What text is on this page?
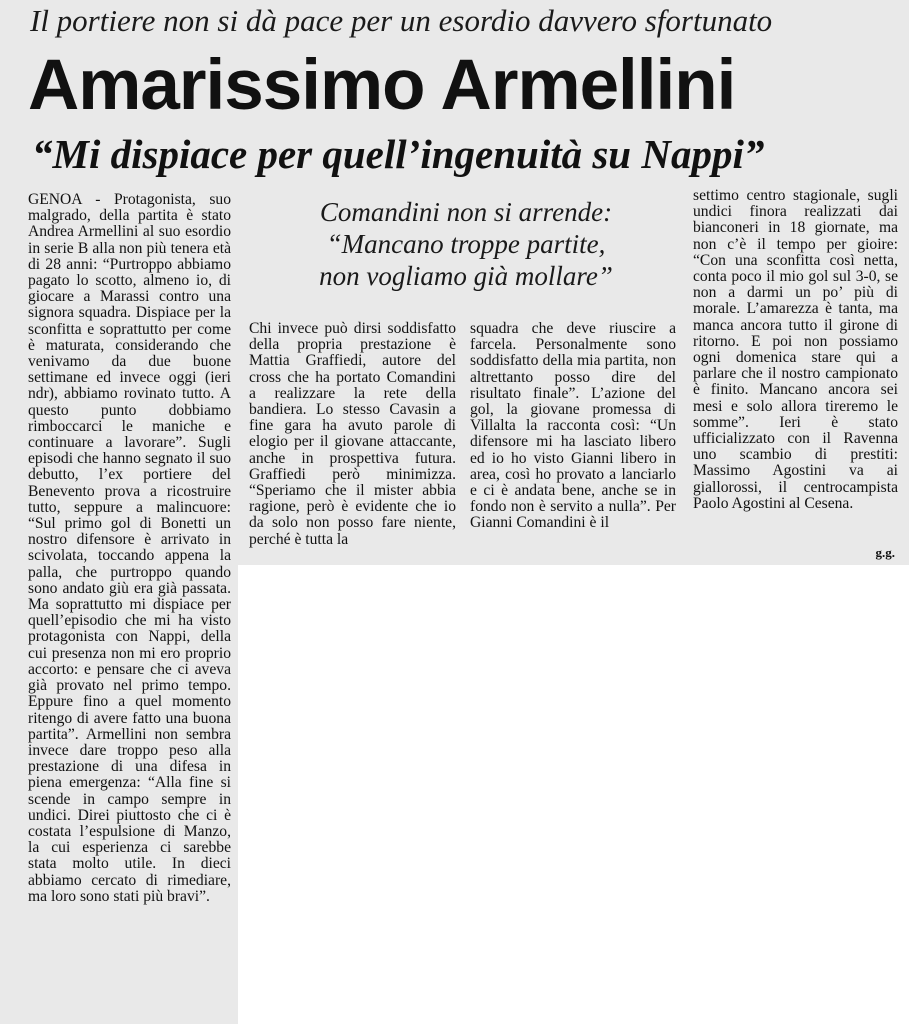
Il portiere non si dà pace per un esordio davvero sfortunato
Amarissimo Armellini
“Mi dispiace per quell’ingenuità su Nappi”

GENOA - Protagonista, suo malgrado, della partita è stato Andrea Armellini al suo esordio in serie B alla non più tenera età di 28 anni: “Purtroppo abbiamo pagato lo scotto, almeno io, di giocare a Marassi contro una signora squadra. Dispiace per la sconfitta e soprattutto per come è maturata, considerando che venivamo da due buone settimane ed invece oggi (ieri ndr), abbiamo rovinato tutto. A questo punto dobbiamo rimboccarci le maniche e continuare a lavorare”. Sugli episodi che hanno segnato il suo debutto, l’ex portiere del Benevento prova a ricostruire tutto, seppure a malincuore: “Sul primo gol di Bonetti un nostro difensore è arrivato in scivolata, toccando appena la palla, che purtroppo quando sono andato giù era già passata. Ma soprattutto mi dispiace per quell’episodio che mi ha visto protagonista con Nappi, della cui presenza non mi ero proprio accorto: e pensare che ci aveva già provato nel primo tempo. Eppure fino a quel momento ritengo di avere fatto una buona partita”. Armellini non sembra invece dare troppo peso alla prestazione di una difesa in piena emergenza: “Alla fine si scende in campo sempre in undici. Direi piuttosto che ci è costata l’espulsione di Manzo, la cui esperienza ci sarebbe stata molto utile. In dieci abbiamo cercato di rimediare, ma loro sono stati più bravi”.

Comandini non si arrende:
“Mancano troppe partite,
non vogliamo già mollare”

Chi invece può dirsi soddisfatto della propria prestazione è Mattia Graffiedi, autore del cross che ha portato Comandini a realizzare la rete della bandiera. Lo stesso Cavasin a fine gara ha avuto parole di elogio per il giovane attaccante, anche in prospettiva futura. Graffiedi però minimizza. “Speriamo che il mister abbia ragione, però è evidente che io da solo non posso fare niente, perché è tutta la

squadra che deve riuscire a farcela. Personalmente sono soddisfatto della mia partita, non altrettanto posso dire del risultato finale”. L’azione del gol, la giovane promessa di Villalta la racconta così: “Un difensore mi ha lasciato libero ed io ho visto Gianni libero in area, così ho provato a lanciarlo e ci è andata bene, anche se in fondo non è servito a nulla”. Per Gianni Comandini è il

settimo centro stagionale, sugli undici finora realizzati dai bianconeri in 18 giornate, ma non c’è il tempo per gioire: “Con una sconfitta così netta, conta poco il mio gol sul 3-0, se non a darmi un po’ più di morale. L’amarezza è tanta, ma manca ancora tutto il girone di ritorno. E poi non possiamo ogni domenica stare qui a parlare che il nostro campionato è finito. Mancano ancora sei mesi e solo allora tireremo le somme”. Ieri è stato ufficializzato con il Ravenna uno scambio di prestiti: Massimo Agostini va ai giallorossi, il centrocampista Paolo Agostini al Cesena.

g.g.
